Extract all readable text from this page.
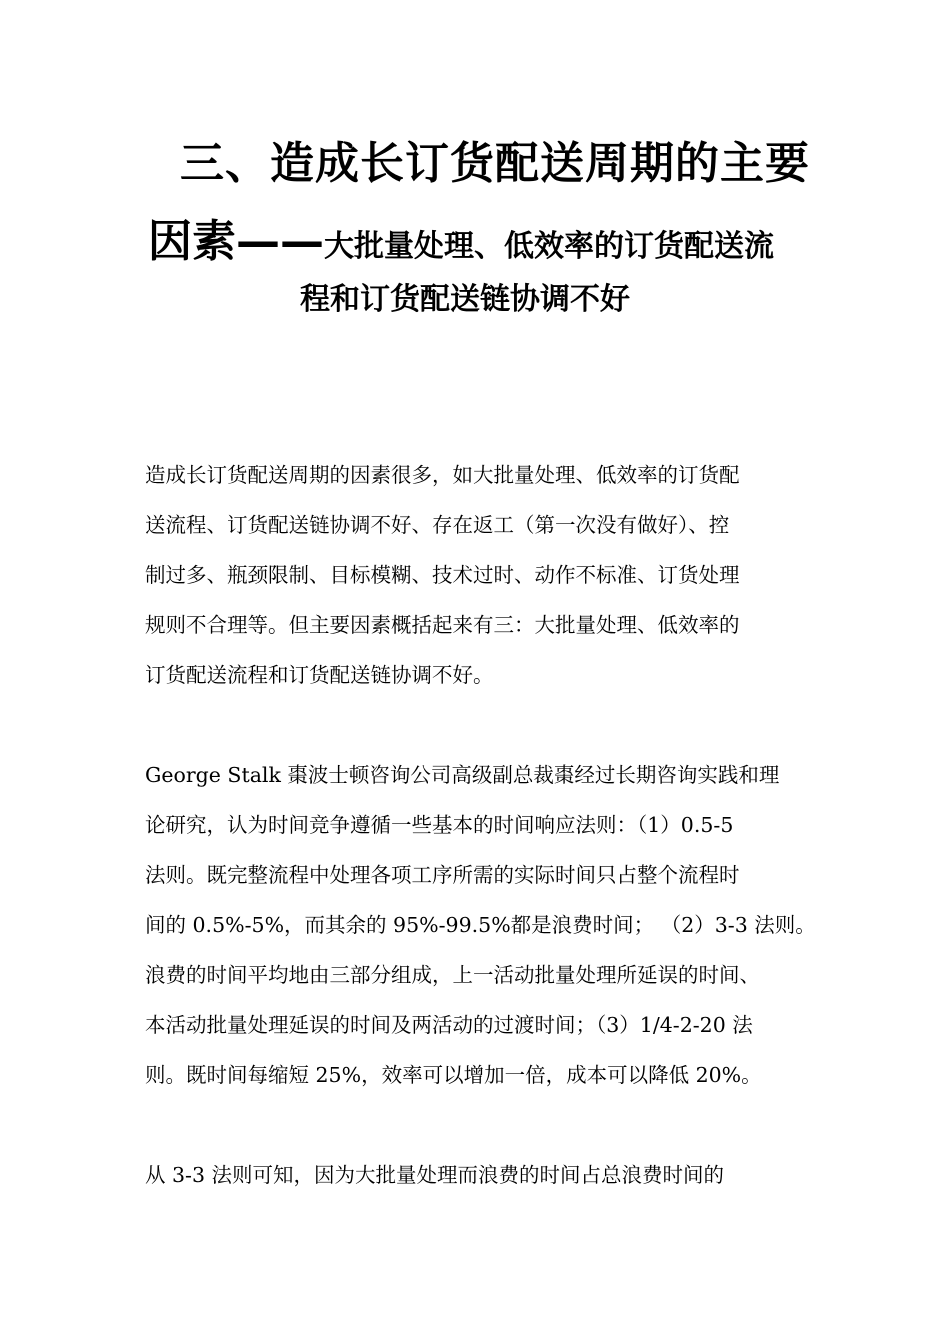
三、造成长订货配送周期的主要
因素——大批量处理、低效率的订货配送流
程和订货配送链协调不好
造成长订货配送周期的因素很多，如大批量处理、低效率的订货配
送流程、订货配送链协调不好、存在返工（第一次没有做好）、控
制过多、瓶颈限制、目标模糊、技术过时、动作不标准、订货处理
规则不合理等。但主要因素概括起来有三：大批量处理、低效率的
订货配送流程和订货配送链协调不好。
George Stalk 棗波士顿咨询公司高级副总裁棗经过长期咨询实践和理
论研究，认为时间竞争遵循一些基本的时间响应法则：（1）0.5-5
法则。既完整流程中处理各项工序所需的实际时间只占整个流程时
间的 0.5%-5%，而其余的 95%-99.5%都是浪费时间； （2）3-3 法则。
浪费的时间平均地由三部分组成，上一活动批量处理所延误的时间、
本活动批量处理延误的时间及两活动的过渡时间；（3）1/4-2-20 法
则。既时间每缩短 25%，效率可以增加一倍，成本可以降低 20%。
从 3-3 法则可知，因为大批量处理而浪费的时间占总浪费时间的
